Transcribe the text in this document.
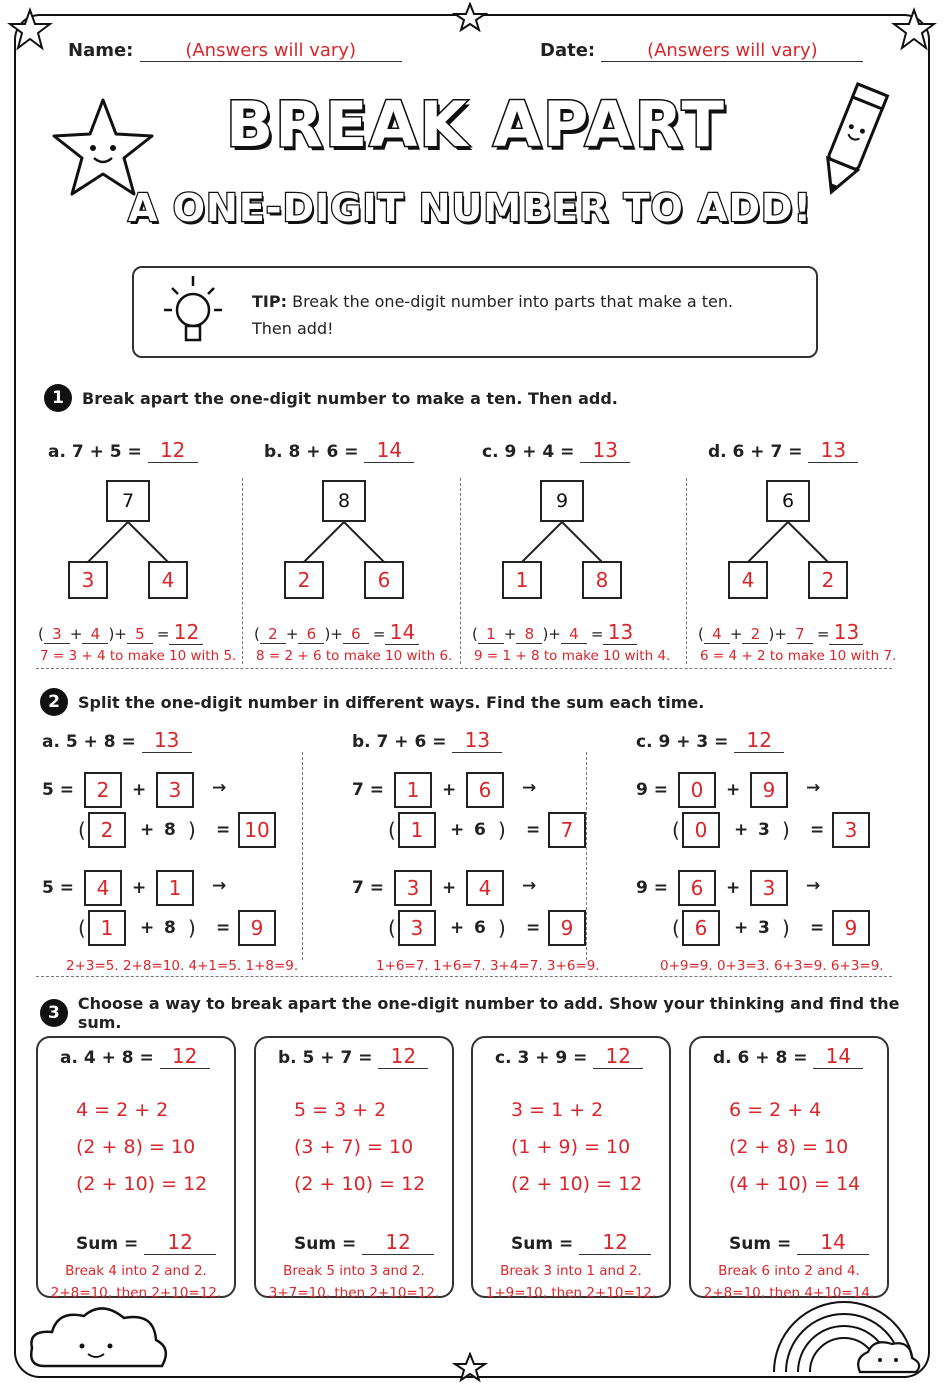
Name:	(Answers will vary)	Date:	(Answers will vary)
BREAK APART
A ONE-DIGIT NUMBER TO ADD!
TIP: Break the one-digit number into parts that make a ten.
Then add!
1	Break apart the one-digit number to make a ten. Then add.
a. 7 + 5 = 12
7
3	4
( 3 + 4 )+ 5 = 12
7 = 3 + 4 to make 10 with 5.
b. 8 + 6 = 14
8
2	6
( 2 + 6 )+ 6 = 14
8 = 2 + 6 to make 10 with 6.
c. 9 + 4 = 13
9
1	8
( 1 + 8 )+ 4 = 13
9 = 1 + 8 to make 10 with 4.
d. 6 + 7 = 13
6
4	2
( 4 + 2 )+ 7 = 13
6 = 4 + 2 to make 10 with 7.
2	Split the one-digit number in different ways. Find the sum each time.
a. 5 + 8 = 13
5 =	2	+	3	→
( 2	+ 8 ) = 10
5 =	4	+	1	→
( 1	+ 8 ) =	9
2+3=5. 2+8=10. 4+1=5. 1+8=9.
b. 7 + 6 = 13
7 =	1	+	6	→
( 1	+ 6 ) =	7
7 =	3	+	4	→
( 3	+ 6 ) =	9
1+6=7. 1+6=7. 3+4=7. 3+6=9.
c. 9 + 3 = 12
9 =	0	+	9	→
( 0	+ 3 ) =	3
9 =	6	+	3	→
( 6	+ 3 ) =	9
0+9=9. 0+3=3. 6+3=9. 6+3=9.
3	Choose a way to break apart the one-digit number to add. Show your thinking and find the sum.
a. 4 + 8 = 12
4 = 2 + 2
(2 + 8) = 10
(2 + 10) = 12
Sum = 12
Break 4 into 2 and 2.
2+8=10, then 2+10=12.
b. 5 + 7 = 12
5 = 3 + 2
(3 + 7) = 10
(2 + 10) = 12
Sum = 12
Break 5 into 3 and 2.
3+7=10, then 2+10=12.
c. 3 + 9 = 12
3 = 1 + 2
(1 + 9) = 10
(2 + 10) = 12
Sum = 12
Break 3 into 1 and 2.
1+9=10, then 2+10=12.
d. 6 + 8 = 14
6 = 2 + 4
(2 + 8) = 10
(4 + 10) = 14
Sum = 14
Break 6 into 2 and 4.
2+8=10, then 4+10=14.
